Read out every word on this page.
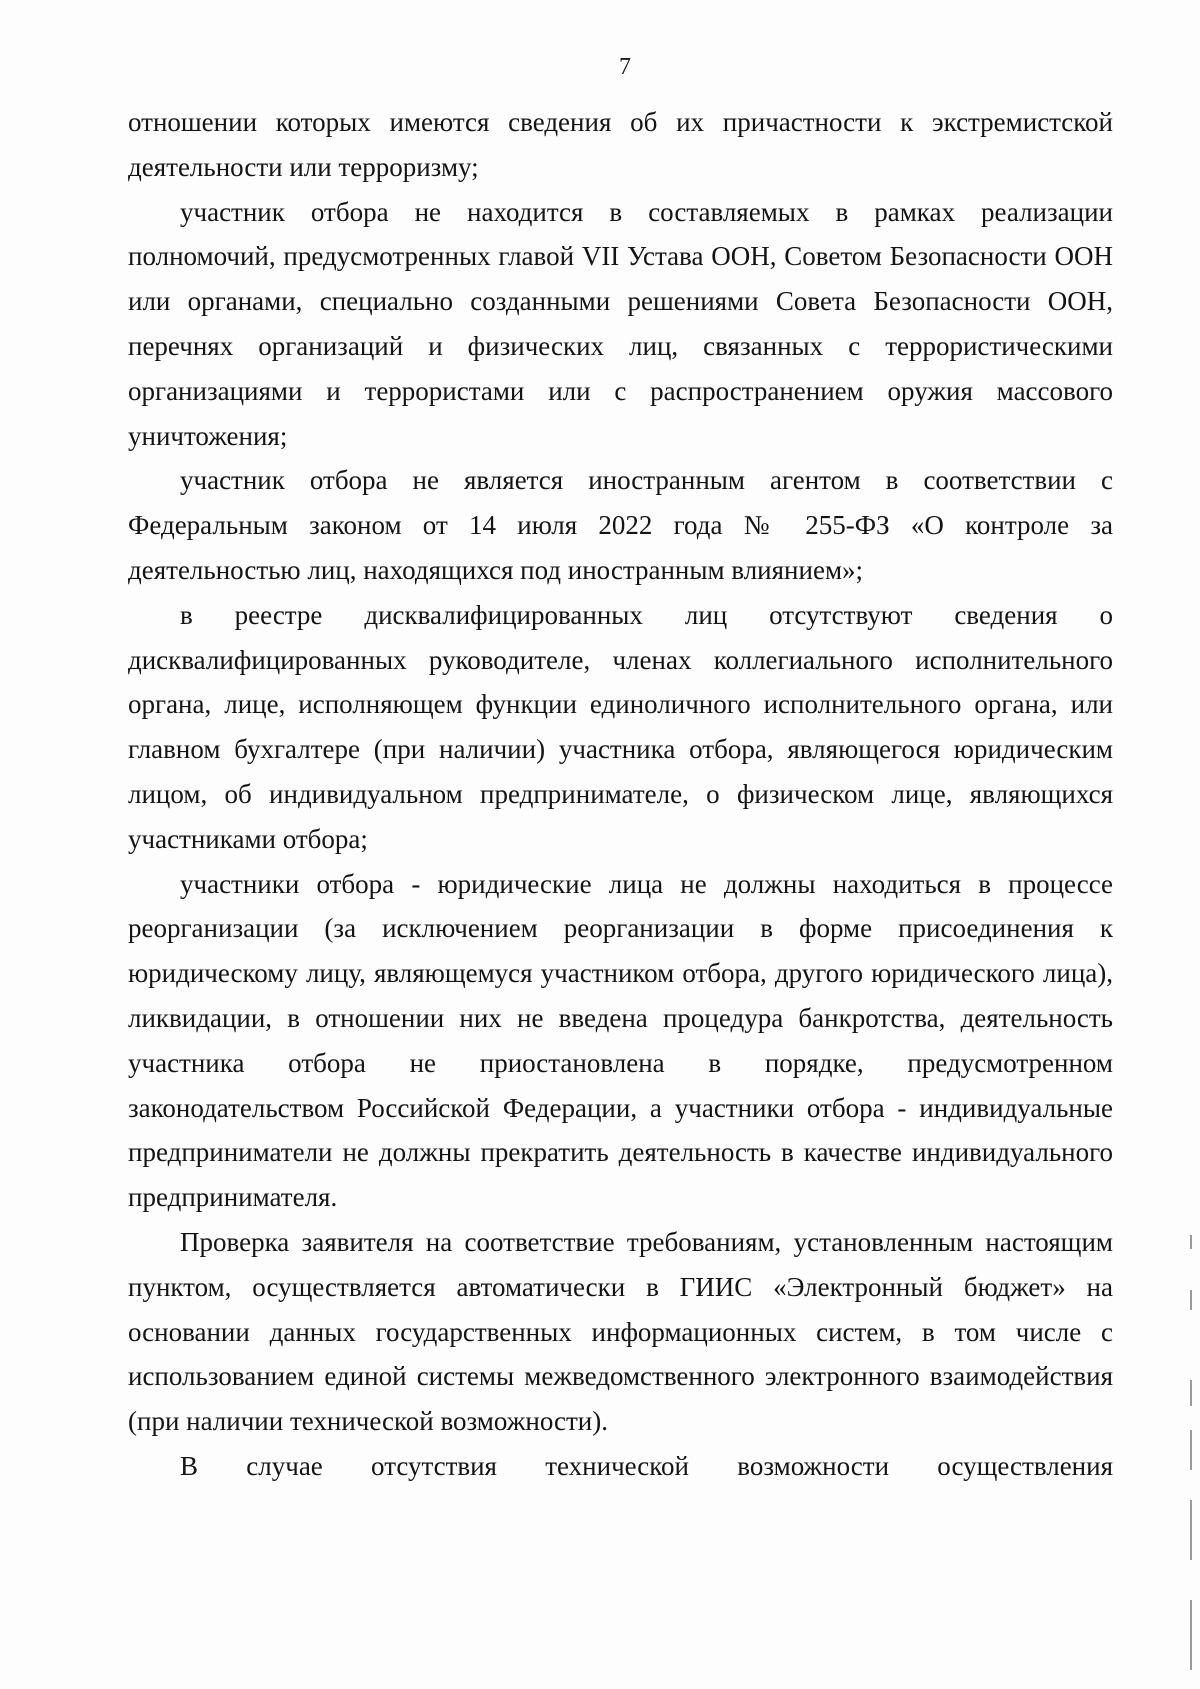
7

отношении которых имеются сведения об их причастности к экстремистской деятельности или терроризму;

участник отбора не находится в составляемых в рамках реализации полномочий, предусмотренных главой VII Устава ООН, Советом Безопасности ООН или органами, специально созданными решениями Совета Безопасности ООН, перечнях организаций и физических лиц, связанных с террористическими организациями и террористами или с распространением оружия массового уничтожения;

участник отбора не является иностранным агентом в соответствии с Федеральным законом от 14 июля 2022 года № 255-ФЗ «О контроле за деятельностью лиц, находящихся под иностранным влиянием»;

в реестре дисквалифицированных лиц отсутствуют сведения о дисквалифицированных руководителе, членах коллегиального исполнительного органа, лице, исполняющем функции единоличного исполнительного органа, или главном бухгалтере (при наличии) участника отбора, являющегося юридическим лицом, об индивидуальном предпринимателе, о физическом лице, являющихся участниками отбора;

участники отбора - юридические лица не должны находиться в процессе реорганизации (за исключением реорганизации в форме присоединения к юридическому лицу, являющемуся участником отбора, другого юридического лица), ликвидации, в отношении них не введена процедура банкротства, деятельность участника отбора не приостановлена в порядке, предусмотренном законодательством Российской Федерации, а участники отбора - индивидуальные предприниматели не должны прекратить деятельность в качестве индивидуального предпринимателя.

Проверка заявителя на соответствие требованиям, установленным настоящим пунктом, осуществляется автоматически в ГИИС «Электронный бюджет» на основании данных государственных информационных систем, в том числе с использованием единой системы межведомственного электронного взаимодействия (при наличии технической возможности).

В случае отсутствия технической возможности осуществления
